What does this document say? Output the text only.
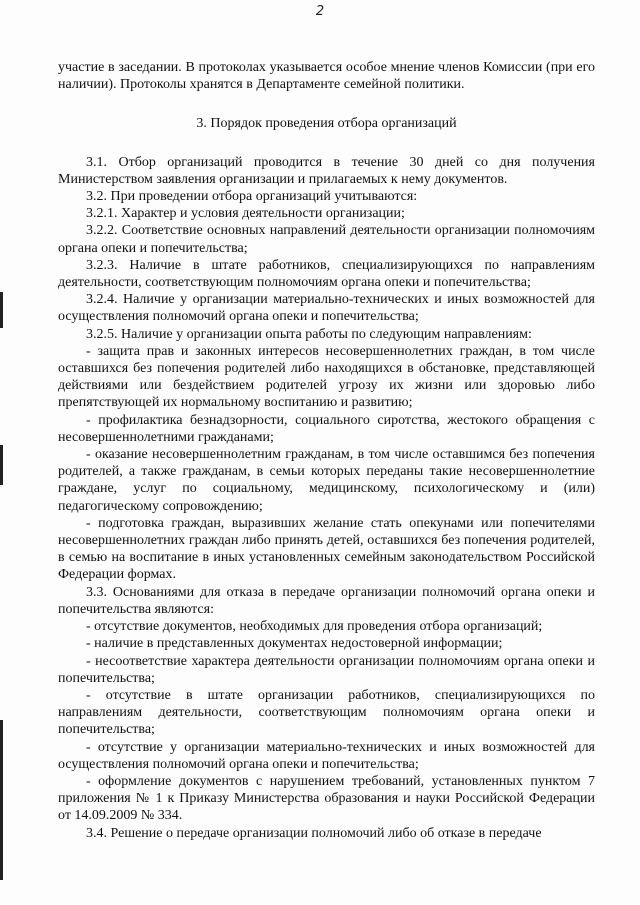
2

участие в заседании. В протоколах указывается особое мнение членов Комиссии (при его наличии). Протоколы хранятся в Департаменте семейной политики.

3. Порядок проведения отбора организаций

3.1. Отбор организаций проводится в течение 30 дней со дня получения Министерством заявления организации и прилагаемых к нему документов.

3.2. При проведении отбора организаций учитываются:

3.2.1. Характер и условия деятельности организации;

3.2.2. Соответствие основных направлений деятельности организации полномочиям органа опеки и попечительства;

3.2.3. Наличие в штате работников, специализирующихся по направлениям деятельности, соответствующим полномочиям органа опеки и попечительства;

3.2.4. Наличие у организации материально-технических и иных возможностей для осуществления полномочий органа опеки и попечительства;

3.2.5. Наличие у организации опыта работы по следующим направлениям:

- защита прав и законных интересов несовершеннолетних граждан, в том числе оставшихся без попечения родителей либо находящихся в обстановке, представляющей действиями или бездействием родителей угрозу их жизни или здоровью либо препятствующей их нормальному воспитанию и развитию;

- профилактика безнадзорности, социального сиротства, жестокого обращения с несовершеннолетними гражданами;

- оказание несовершеннолетним гражданам, в том числе оставшимся без попечения родителей, а также гражданам, в семьи которых переданы такие несовершеннолетние граждане, услуг по социальному, медицинскому, психологическому и (или) педагогическому сопровождению;

- подготовка граждан, выразивших желание стать опекунами или попечителями несовершеннолетних граждан либо принять детей, оставшихся без попечения родителей, в семью на воспитание в иных установленных семейным законодательством Российской Федерации формах.

3.3. Основаниями для отказа в передаче организации полномочий органа опеки и попечительства являются:

- отсутствие документов, необходимых для проведения отбора организаций;

- наличие в представленных документах недостоверной информации;

- несоответствие характера деятельности организации полномочиям органа опеки и попечительства;

- отсутствие в штате организации работников, специализирующихся по направлениям деятельности, соответствующим полномочиям органа опеки и попечительства;

- отсутствие у организации материально-технических и иных возможностей для осуществления полномочий органа опеки и попечительства;

- оформление документов с нарушением требований, установленных пунктом 7 приложения № 1 к Приказу Министерства образования и науки Российской Федерации от 14.09.2009 № 334.

3.4. Решение о передаче организации полномочий либо об отказе в передаче
